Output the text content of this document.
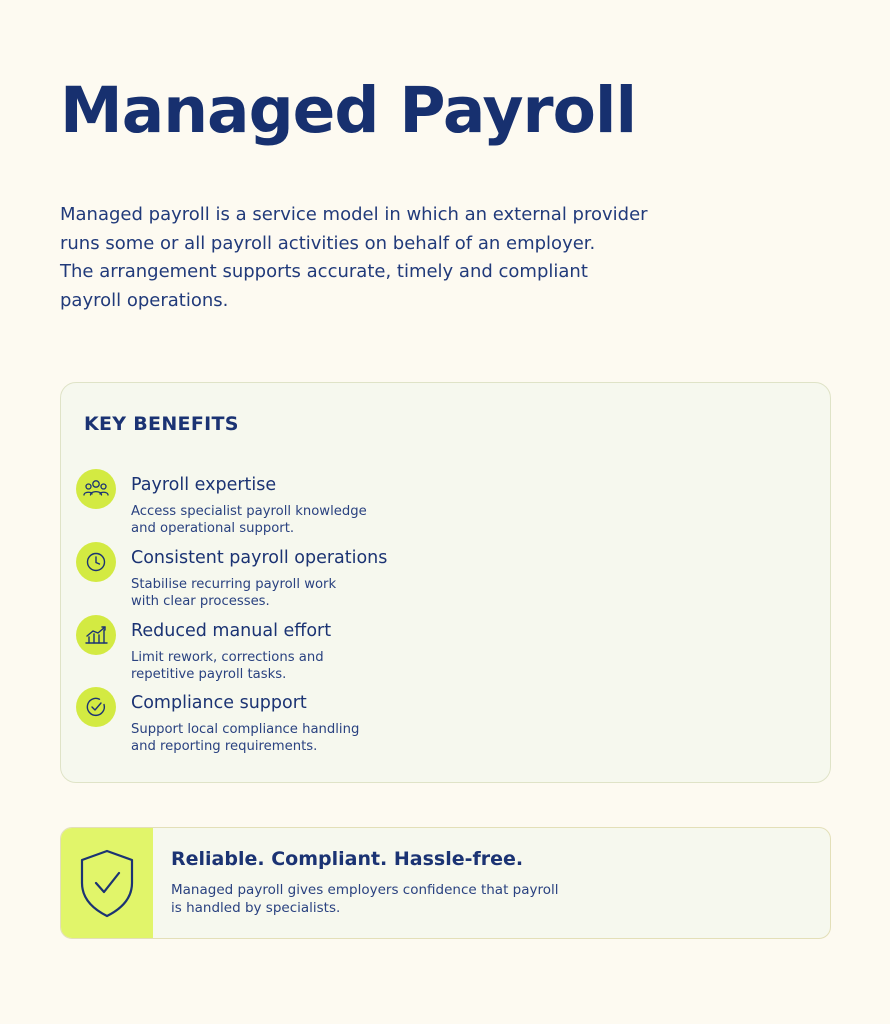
Managed Payroll

Managed payroll is a service model in which an external provider
runs some or all payroll activities on behalf of an employer.
The arrangement supports accurate, timely and compliant
payroll operations.

KEY BENEFITS
Payroll expertise
Access specialist payroll knowledge
and operational support.
Consistent payroll operations
Stabilise recurring payroll work
with clear processes.
Reduced manual effort
Limit rework, corrections and
repetitive payroll tasks.
Compliance support
Support local compliance handling
and reporting requirements.
Reliable. Compliant. Hassle-free.
Managed payroll gives employers confidence that payroll
is handled by specialists.
